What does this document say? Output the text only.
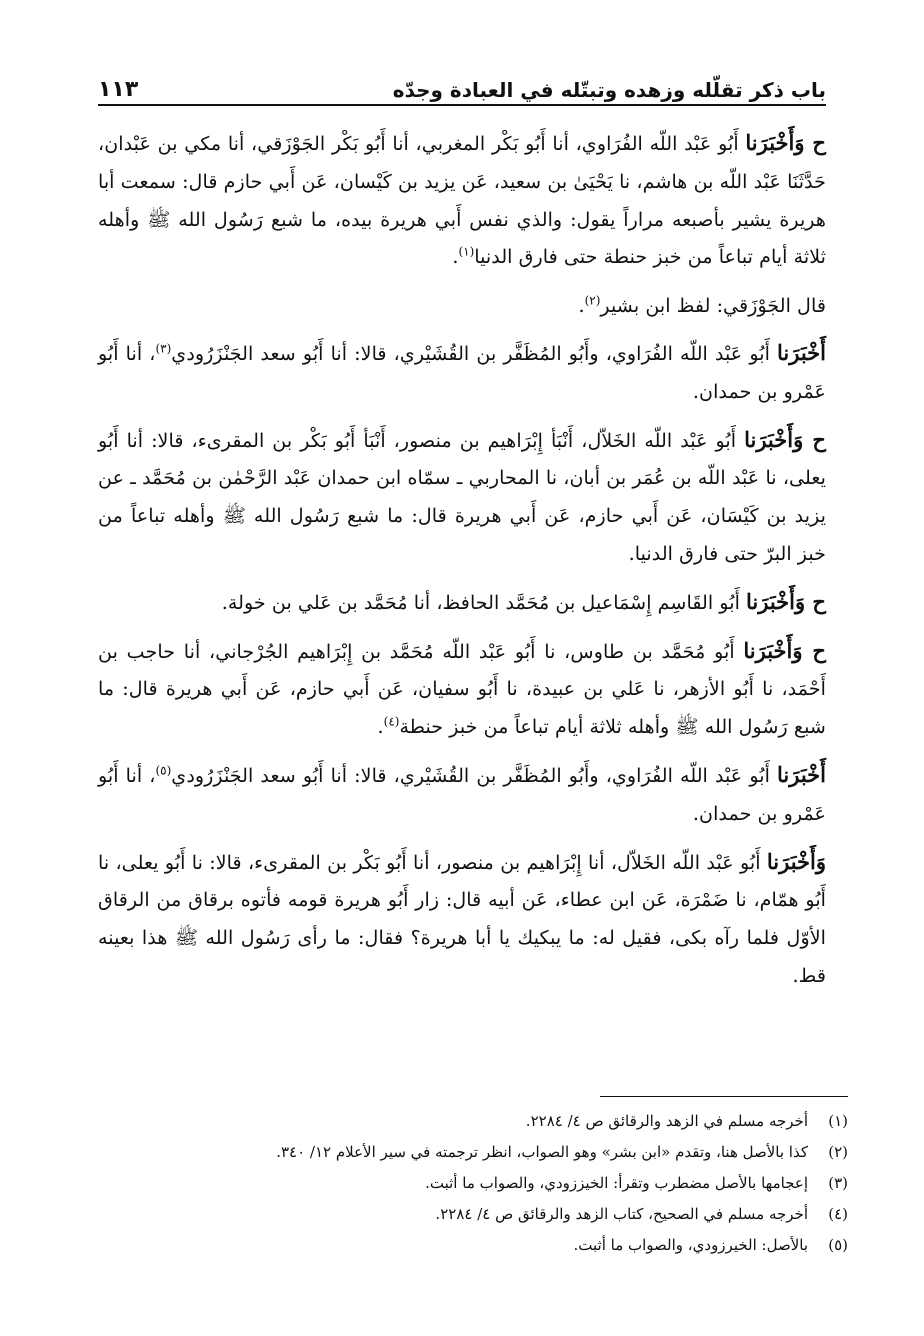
باب ذكر تقلّله وزهده وتبتّله في العبادة وجدّه
١١٣

ح وَأَخْبَرَنا أَبُو عَبْد اللّه الفُرَاوي، أنا أَبُو بَكْر المغربي، أنا أَبُو بَكْر الجَوْزَقي، أنا مكي بن عَبْدان، حَدَّثَنَا عَبْد اللّه بن هاشم، نا يَحْيَىٰ بن سعيد، عَن يزيد بن كَيْسان، عَن أَبي حازم قال: سمعت أبا هريرة يشير بأصبعه مراراً يقول: والذي نفس أَبي هريرة بيده، ما شبع رَسُول الله ﷺ وأهله ثلاثة أيام تباعاً من خبز حنطة حتى فارق الدنيا$^{(١)}$.

قال الجَوْزَقي: لفظ ابن بشير$^{(٢)}$.

أَخْبَرَنا أَبُو عَبْد اللّه الفُرَاوي، وأَبُو المُظَفَّر بن القُشَيْري، قالا: أنا أَبُو سعد الجَنْزَرُودي$^{(٣)}$، أنا أَبُو عَمْرو بن حمدان.

ح وَأَخْبَرَنا أَبُو عَبْد اللّه الخَلاّل، أَنْبَأ إِبْرَاهيم بن منصور، أَنْبَأ أَبُو بَكْر بن المقرىء، قالا: أنا أَبُو يعلى، نا عَبْد اللّه بن عُمَر بن أبان، نا المحاربي ـ سمّاه ابن حمدان عَبْد الرَّحْمٰن بن مُحَمَّد ـ عن يزيد بن كَيْسَان، عَن أَبي حازم، عَن أَبي هريرة قال: ما شبع رَسُول الله ﷺ وأهله تباعاً من خبز البرّ حتى فارق الدنيا.

ح وَأَخْبَرَنا أَبُو القَاسِم إِسْمَاعيل بن مُحَمَّد الحافظ، أنا مُحَمَّد بن عَلي بن خولة.

ح وَأَخْبَرَنا أَبُو مُحَمَّد بن طاوس، نا أَبُو عَبْد اللّه مُحَمَّد بن إِبْرَاهيم الجُرْجاني، أنا حاجب بن أَحْمَد، نا أَبُو الأزهر، نا عَلي بن عبيدة، نا أَبُو سفيان، عَن أَبي حازم، عَن أَبي هريرة قال: ما شبع رَسُول الله ﷺ وأهله ثلاثة أيام تباعاً من خبز حنطة$^{(٤)}$.

أَخْبَرَنا أَبُو عَبْد اللّه الفُرَاوي، وأَبُو المُظَفَّر بن القُشَيْري، قالا: أنا أَبُو سعد الجَنْزَرُودي$^{(٥)}$، أنا أَبُو عَمْرو بن حمدان.

وَأَخْبَرَنا أَبُو عَبْد اللّه الخَلاّل، أنا إِبْرَاهيم بن منصور، أنا أَبُو بَكْر بن المقرىء، قالا: نا أَبُو يعلى، نا أَبُو همّام، نا ضَمْرَة، عَن ابن عطاء، عَن أبيه قال: زار أَبُو هريرة قومه فأتوه برقاق من الرقاق الأوّل فلما رآه بكى، فقيل له: ما يبكيك يا أبا هريرة؟ فقال: ما رأى رَسُول الله ﷺ هذا بعينه قط.

(١)
أخرجه مسلم في الزهد والرقائق ص ٤/ ٢٢٨٤.
(٢)
كذا بالأصل هنا، وتقدم «ابن بشر» وهو الصواب، انظر ترجمته في سير الأعلام ١٢/ ٣٤٠.
(٣)
إعجامها بالأصل مضطرب وتقرأ: الخيززودي، والصواب ما أثبت.
(٤)
أخرجه مسلم في الصحيح، كتاب الزهد والرقائق ص ٤/ ٢٢٨٤.
(٥)
بالأصل: الخيرزودي، والصواب ما أثبت.
